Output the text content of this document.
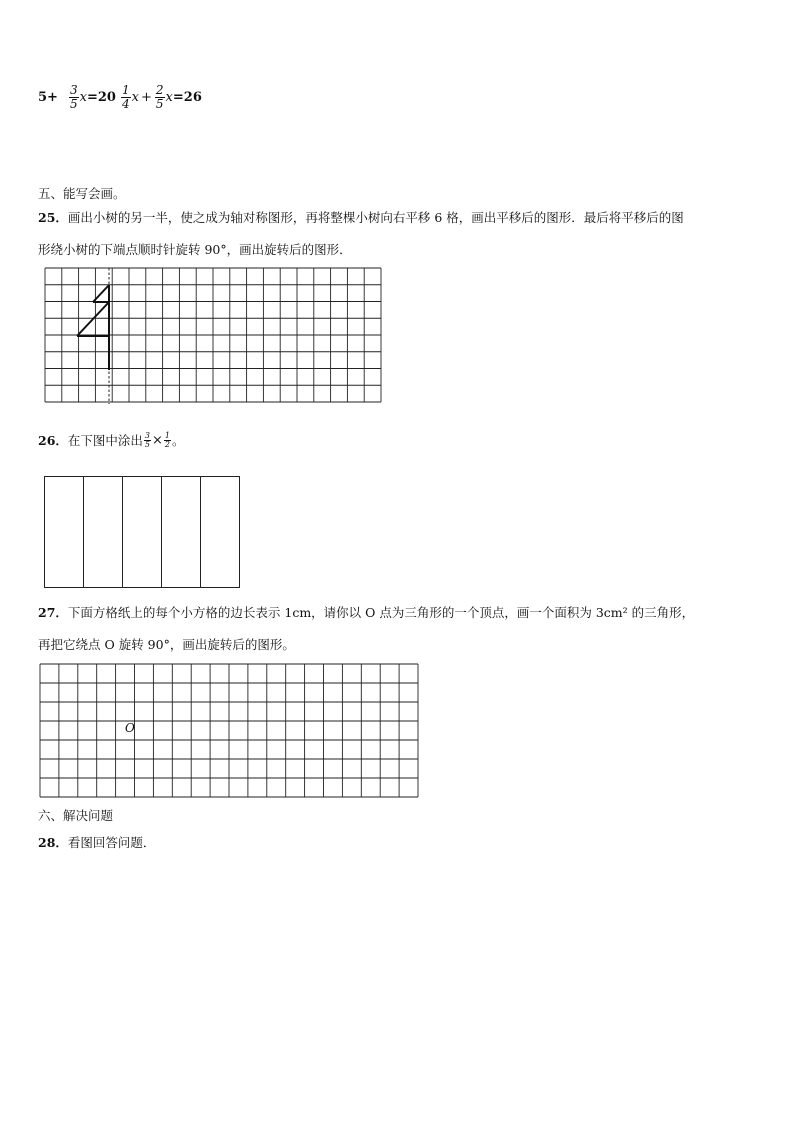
$5+ \frac{3}{5}$ $x =20 \frac{1}{4}$ $x + \frac{2}{5}$ x =26
五、能写会画。
25．画出小树的另一半，使之成为轴对称图形，再将整棵小树向右平移 6 格，画出平移后的图形．最后将平移后的图
形绕小树的下端点顺时针旋转 90°，画出旋转后的图形．
26． 在下图中涂出 $\frac{3}{5} \times \frac{1}{2}$ 。
27．下面方格纸上的每个小方格的边长表示 1cm，请你以 O 点为三角形的一个顶点，画一个面积为 3cm² 的三角形，
再把它绕点 O 旋转 90°，画出旋转后的图形。
O
六、解决问题
28．看图回答问题．
